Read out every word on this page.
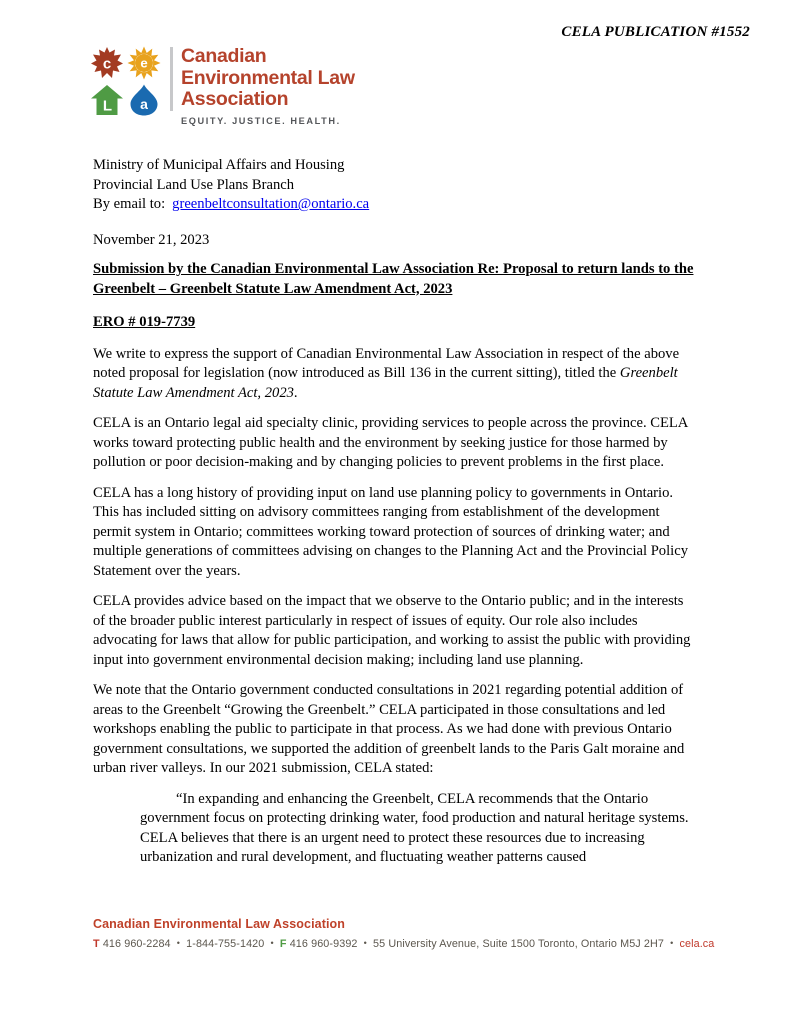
CELA PUBLICATION #1552
c e
L a
Canadian
Environmental Law
Association
EQUITY. JUSTICE. HEALTH.
Ministry of Municipal Affairs and Housing
Provincial Land Use Plans Branch
By email to: greenbeltconsultation@ontario.ca
November 21, 2023
Submission by the Canadian Environmental Law Association Re: Proposal to return lands to the Greenbelt – Greenbelt Statute Law Amendment Act, 2023
ERO # 019-7739

We write to express the support of Canadian Environmental Law Association in respect of the above noted proposal for legislation (now introduced as Bill 136 in the current sitting), titled the Greenbelt Statute Law Amendment Act, 2023.

CELA is an Ontario legal aid specialty clinic, providing services to people across the province. CELA works toward protecting public health and the environment by seeking justice for those harmed by pollution or poor decision-making and by changing policies to prevent problems in the first place.

CELA has a long history of providing input on land use planning policy to governments in Ontario. This has included sitting on advisory committees ranging from establishment of the development permit system in Ontario; committees working toward protection of sources of drinking water; and multiple generations of committees advising on changes to the Planning Act and the Provincial Policy Statement over the years.

CELA provides advice based on the impact that we observe to the Ontario public; and in the interests of the broader public interest particularly in respect of issues of equity. Our role also includes advocating for laws that allow for public participation, and working to assist the public with providing input into government environmental decision making; including land use planning.

We note that the Ontario government conducted consultations in 2021 regarding potential addition of areas to the Greenbelt “Growing the Greenbelt.” CELA participated in those consultations and led workshops enabling the public to participate in that process. As we had done with previous Ontario government consultations, we supported the addition of greenbelt lands to the Paris Galt moraine and urban river valleys. In our 2021 submission, CELA stated:

“In expanding and enhancing the Greenbelt, CELA recommends that the Ontario government focus on protecting drinking water, food production and natural heritage systems. CELA believes that there is an urgent need to protect these resources due to increasing urbanization and rural development, and fluctuating weather patterns caused
Canadian Environmental Law Association
T 416 960-2284 • 1-844-755-1420 • F 416 960-9392 • 55 University Avenue, Suite 1500 Toronto, Ontario M5J 2H7 • cela.ca
